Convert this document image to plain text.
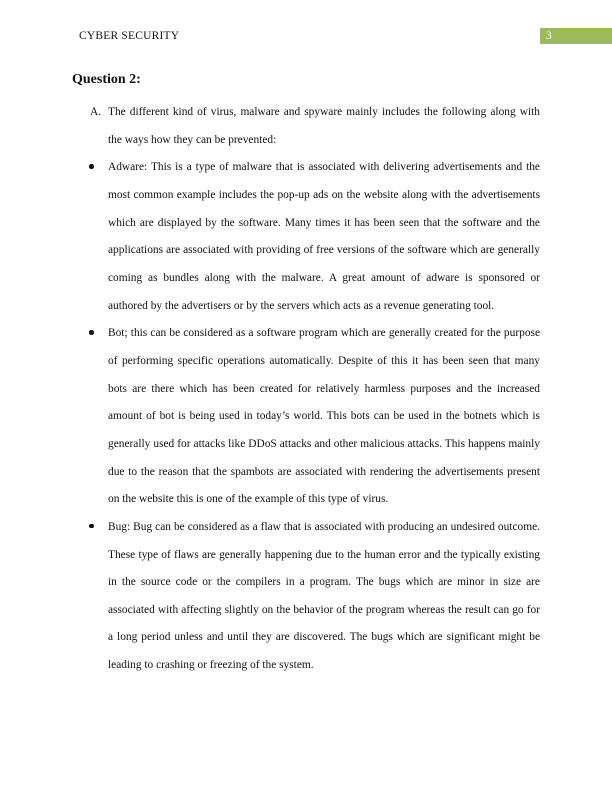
CYBER SECURITY	3
Question 2:

A. The different kind of virus, malware and spyware mainly includes the following along with the ways how they can be prevented:

Adware: This is a type of malware that is associated with delivering advertisements and the most common example includes the pop-up ads on the website along with the advertisements which are displayed by the software. Many times it has been seen that the software and the applications are associated with providing of free versions of the software which are generally coming as bundles along with the malware. A great amount of adware is sponsored or authored by the advertisers or by the servers which acts as a revenue generating tool.

Bot; this can be considered as a software program which are generally created for the purpose of performing specific operations automatically. Despite of this it has been seen that many bots are there which has been created for relatively harmless purposes and the increased amount of bot is being used in today’s world. This bots can be used in the botnets which is generally used for attacks like DDoS attacks and other malicious attacks. This happens mainly due to the reason that the spambots are associated with rendering the advertisements present on the website this is one of the example of this type of virus.

Bug: Bug can be considered as a flaw that is associated with producing an undesired outcome. These type of flaws are generally happening due to the human error and the typically existing in the source code or the compilers in a program. The bugs which are minor in size are associated with affecting slightly on the behavior of the program whereas the result can go for a long period unless and until they are discovered. The bugs which are significant might be leading to crashing or freezing of the system.
